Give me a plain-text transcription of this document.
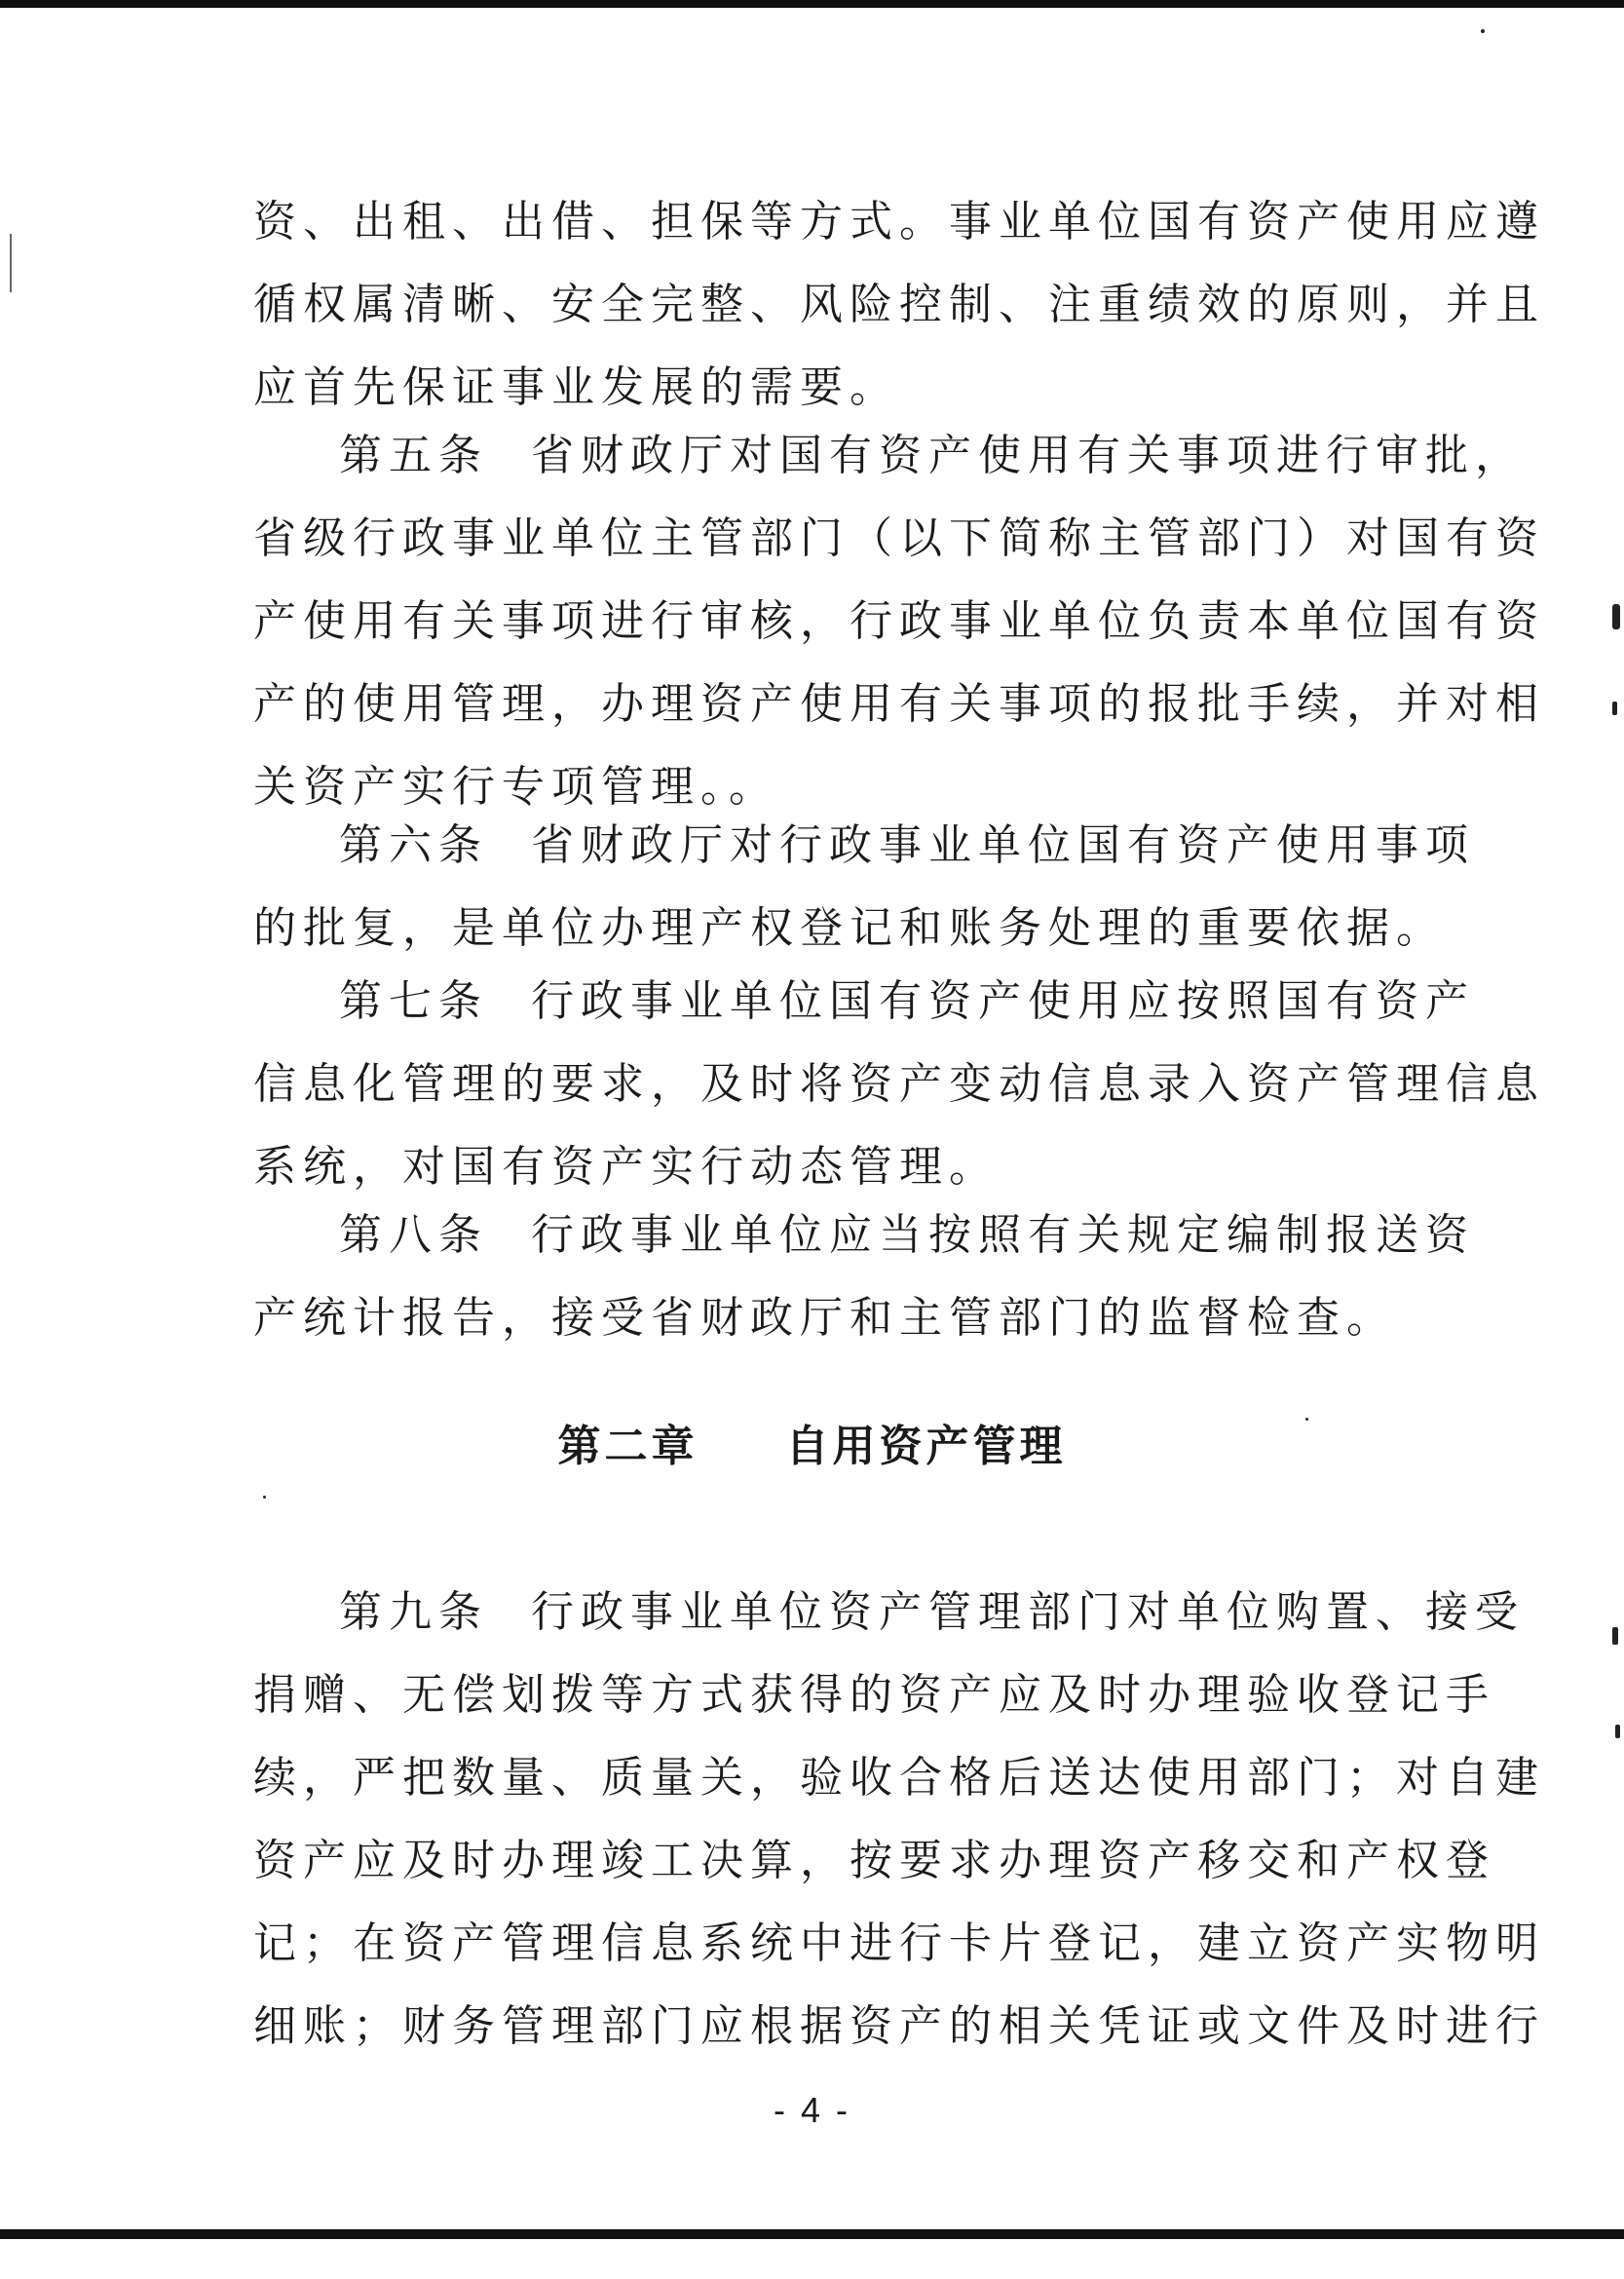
资、出租、出借、担保等方式。事业单位国有资产使用应遵
循权属清晰、安全完整、风险控制、注重绩效的原则，并且
应首先保证事业发展的需要。
第五条 省财政厅对国有资产使用有关事项进行审批，
省级行政事业单位主管部门（以下简称主管部门）对国有资
产使用有关事项进行审核，行政事业单位负责本单位国有资
产的使用管理，办理资产使用有关事项的报批手续，并对相
关资产实行专项管理。。
第六条 省财政厅对行政事业单位国有资产使用事项
的批复，是单位办理产权登记和账务处理的重要依据。
第七条 行政事业单位国有资产使用应按照国有资产
信息化管理的要求，及时将资产变动信息录入资产管理信息
系统，对国有资产实行动态管理。
第八条 行政事业单位应当按照有关规定编制报送资
产统计报告，接受省财政厅和主管部门的监督检查。
第二章 自用资产管理
第九条 行政事业单位资产管理部门对单位购置、接受
捐赠、无偿划拨等方式获得的资产应及时办理验收登记手
续，严把数量、质量关，验收合格后送达使用部门；对自建
资产应及时办理竣工决算，按要求办理资产移交和产权登
记；在资产管理信息系统中进行卡片登记，建立资产实物明
细账；财务管理部门应根据资产的相关凭证或文件及时进行
- 4 -
